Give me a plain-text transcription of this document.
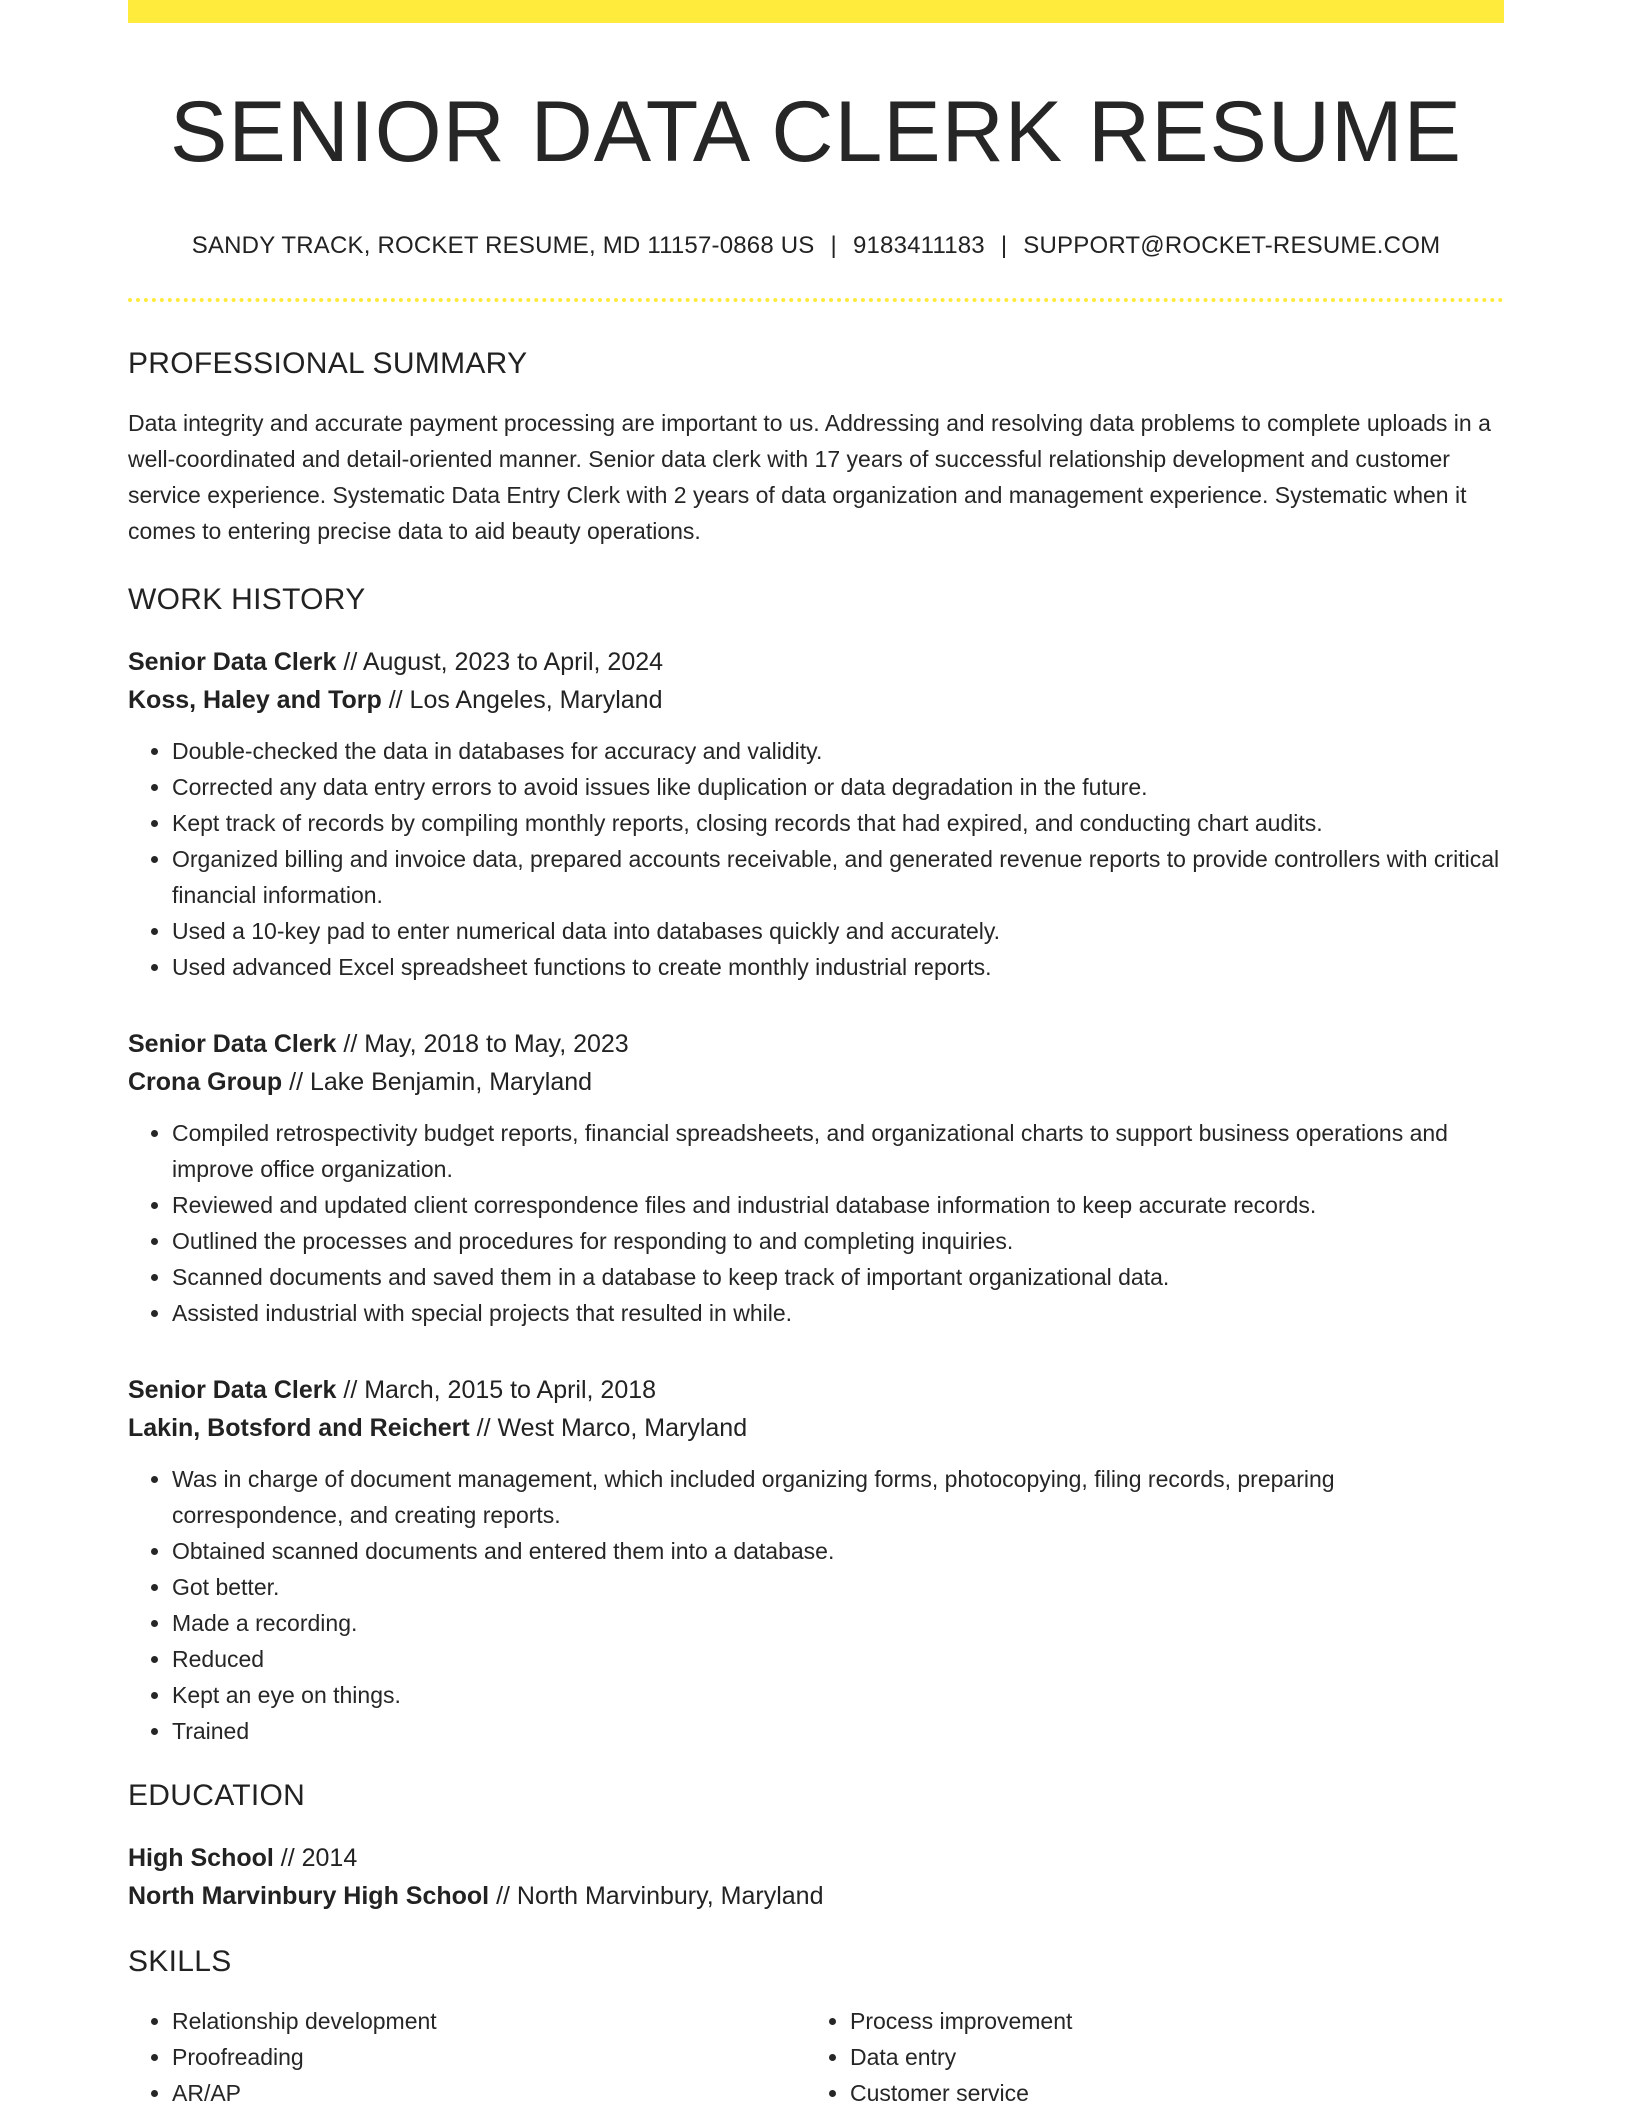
SENIOR DATA CLERK RESUME
SANDY TRACK, ROCKET RESUME, MD 11157-0868 US | 9183411183 | SUPPORT@ROCKET-RESUME.COM
PROFESSIONAL SUMMARY
Data integrity and accurate payment processing are important to us. Addressing and resolving data problems to complete uploads in a well-coordinated and detail-oriented manner. Senior data clerk with 17 years of successful relationship development and customer service experience. Systematic Data Entry Clerk with 2 years of data organization and management experience. Systematic when it comes to entering precise data to aid beauty operations.
WORK HISTORY
Senior Data Clerk // August, 2023 to April, 2024
Koss, Haley and Torp // Los Angeles, Maryland
• Double-checked the data in databases for accuracy and validity.
• Corrected any data entry errors to avoid issues like duplication or data degradation in the future.
• Kept track of records by compiling monthly reports, closing records that had expired, and conducting chart audits.
• Organized billing and invoice data, prepared accounts receivable, and generated revenue reports to provide controllers with critical financial information.
• Used a 10-key pad to enter numerical data into databases quickly and accurately.
• Used advanced Excel spreadsheet functions to create monthly industrial reports.
Senior Data Clerk // May, 2018 to May, 2023
Crona Group // Lake Benjamin, Maryland
• Compiled retrospectivity budget reports, financial spreadsheets, and organizational charts to support business operations and improve office organization.
• Reviewed and updated client correspondence files and industrial database information to keep accurate records.
• Outlined the processes and procedures for responding to and completing inquiries.
• Scanned documents and saved them in a database to keep track of important organizational data.
• Assisted industrial with special projects that resulted in while.
Senior Data Clerk // March, 2015 to April, 2018
Lakin, Botsford and Reichert // West Marco, Maryland
• Was in charge of document management, which included organizing forms, photocopying, filing records, preparing correspondence, and creating reports.
• Obtained scanned documents and entered them into a database.
• Got better.
• Made a recording.
• Reduced
• Kept an eye on things.
• Trained
EDUCATION
High School // 2014
North Marvinbury High School // North Marvinbury, Maryland
SKILLS
• Relationship development
• Proofreading
• AR/AP
• Process improvement
• Data entry
• Customer service
